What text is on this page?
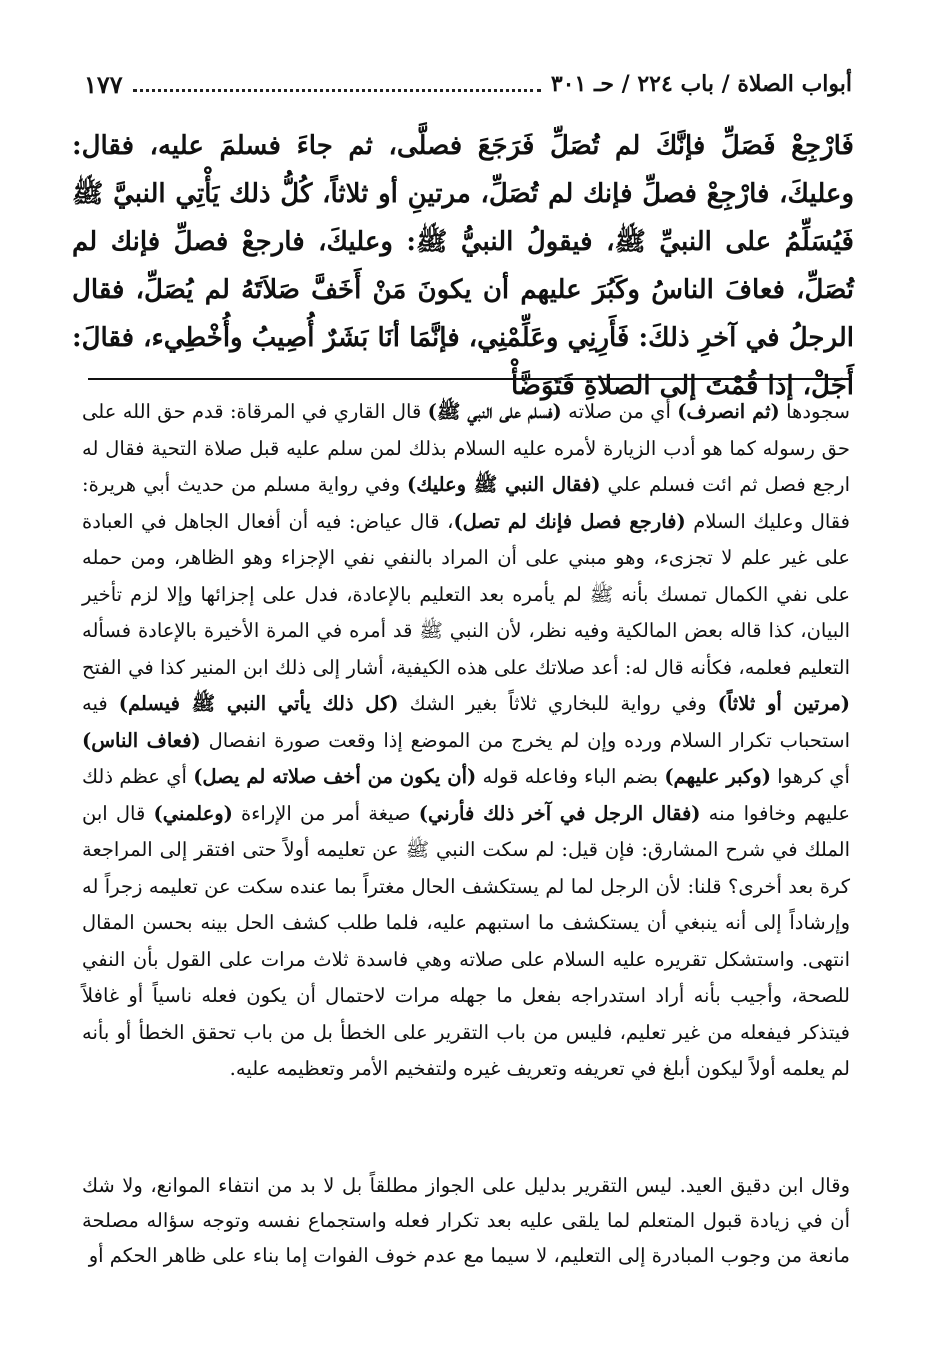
أبواب الصلاة / باب ٢٢٤ / حـ ٣٠١
١٧٧
فَارْجِعْ فَصَلِّ فإنَّكَ لم تُصَلِّ فَرَجَعَ فصلَّى، ثم جاءَ فسلمَ عليه، فقال: وعليكَ، فارْجِعْ فصلِّ فإنك لم تُصَلِّ، مرتينِ أو ثلاثاً، كُلُّ ذلك يَأْتِي النبيَّ ﷺ فَيُسَلِّمُ على النبيِّ ﷺ، فيقولُ النبيُّ ﷺ: وعليكَ، فارجعْ فصلِّ فإنك لم تُصَلِّ، فعافَ الناسُ وكَبُرَ عليهم أن يكونَ مَنْ أَخَفَّ صَلاَتَهُ لم يُصَلِّ، فقال الرجلُ في آخرِ ذلكَ: فَأَرِنِي وعَلِّمْنِي، فإنَّمَا أنَا بَشَرٌ أُصِيبُ وأُخْطِيء، فقالَ: أَجَلْ، إذا قُمْتَ إلى الصلاةِ فَتَوَضَّأْ
سجودها (ثم انصرف) أي من صلاته (فسلم على النبي ﷺ) قال القاري في المرقاة: قدم حق الله على حق رسوله كما هو أدب الزيارة لأمره عليه السلام بذلك لمن سلم عليه قبل صلاة التحية فقال له ارجع فصل ثم ائت فسلم علي (فقال النبي ﷺ وعليك) وفي رواية مسلم من حديث أبي هريرة: فقال وعليك السلام (فارجع فصل فإنك لم تصل)، قال عياض: فيه أن أفعال الجاهل في العبادة على غير علم لا تجزىء، وهو مبني على أن المراد بالنفي نفي الإجزاء وهو الظاهر، ومن حمله على نفي الكمال تمسك بأنه ﷺ لم يأمره بعد التعليم بالإعادة، فدل على إجزائها وإلا لزم تأخير البيان، كذا قاله بعض المالكية وفيه نظر، لأن النبي ﷺ قد أمره في المرة الأخيرة بالإعادة فسأله التعليم فعلمه، فكأنه قال له: أعد صلاتك على هذه الكيفية، أشار إلى ذلك ابن المنير كذا في الفتح (مرتين أو ثلاثاً) وفي رواية للبخاري ثلاثاً بغير الشك (كل ذلك يأتي النبي ﷺ فيسلم) فيه استحباب تكرار السلام ورده وإن لم يخرج من الموضع إذا وقعت صورة انفصال (فعاف الناس) أي كرهوا (وكبر عليهم) بضم الباء وفاعله قوله (أن يكون من أخف صلاته لم يصل) أي عظم ذلك عليهم وخافوا منه (فقال الرجل في آخر ذلك فأرني) صيغة أمر من الإراءة (وعلمني) قال ابن الملك في شرح المشارق: فإن قيل: لم سكت النبي ﷺ عن تعليمه أولاً حتى افتقر إلى المراجعة كرة بعد أخرى؟ قلنا: لأن الرجل لما لم يستكشف الحال مغتراً بما عنده سكت عن تعليمه زجراً له وإرشاداً إلى أنه ينبغي أن يستكشف ما استبهم عليه، فلما طلب كشف الحل بينه بحسن المقال انتهى. واستشكل تقريره عليه السلام على صلاته وهي فاسدة ثلاث مرات على القول بأن النفي للصحة، وأجيب بأنه أراد استدراجه بفعل ما جهله مرات لاحتمال أن يكون فعله ناسياً أو غافلاً فيتذكر فيفعله من غير تعليم، فليس من باب التقرير على الخطأ بل من باب تحقق الخطأ أو بأنه لم يعلمه أولاً ليكون أبلغ في تعريفه وتعريف غيره ولتفخيم الأمر وتعظيمه عليه.
وقال ابن دقيق العيد. ليس التقرير بدليل على الجواز مطلقاً بل لا بد من انتفاء الموانع، ولا شك أن في زيادة قبول المتعلم لما يلقى عليه بعد تكرار فعله واستجماع نفسه وتوجه سؤاله مصلحة مانعة من وجوب المبادرة إلى التعليم، لا سيما مع عدم خوف الفوات إما بناء على ظاهر الحكم أو
